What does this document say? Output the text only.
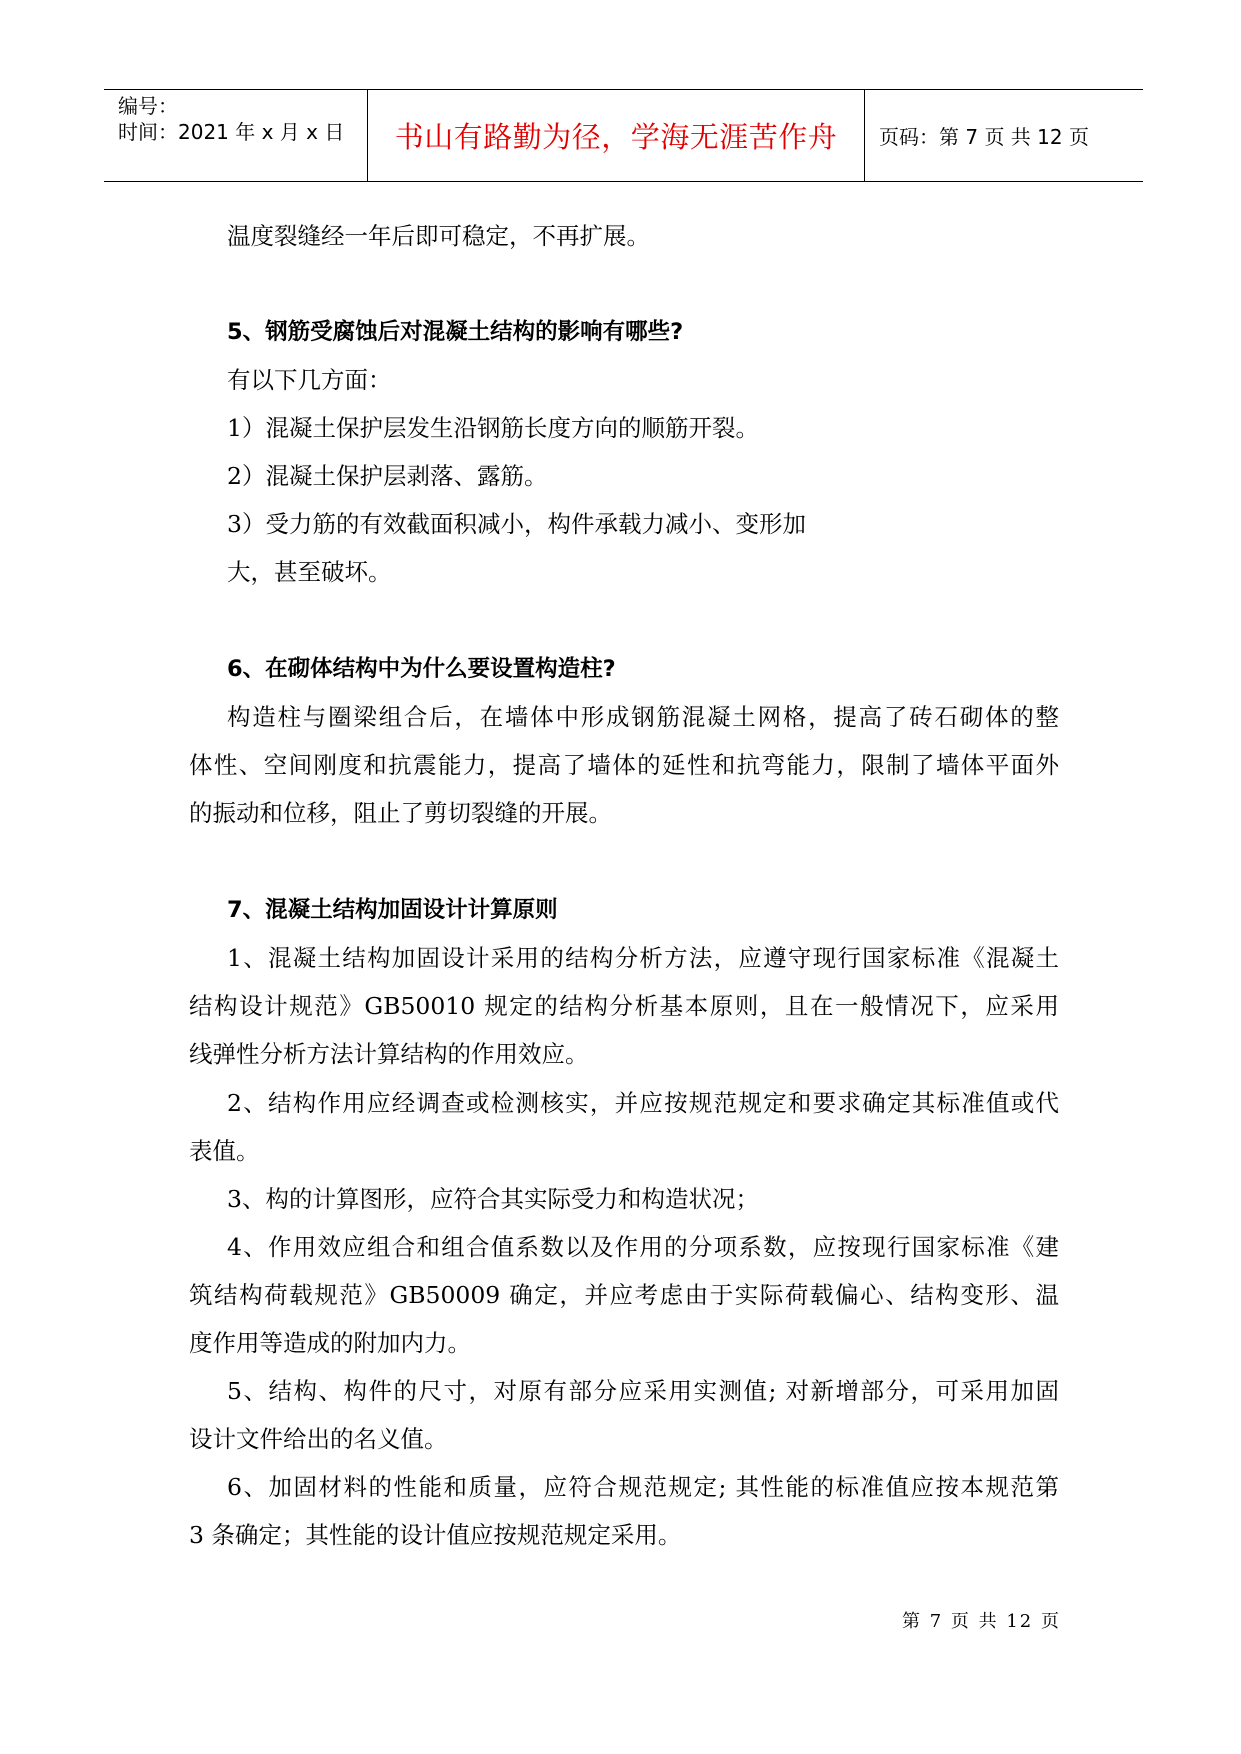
编号：
时间：2021 年 x 月 x 日 书山有路勤为径，学海无涯苦作舟 页码：第 7 页 共 12 页
温度裂缝经一年后即可稳定，不再扩展。
5、钢筋受腐蚀后对混凝土结构的影响有哪些?
有以下几方面：
1）混凝土保护层发生沿钢筋长度方向的顺筋开裂。
2）混凝土保护层剥落、露筋。
3）受力筋的有效截面积减小，构件承载力减小、变形加
大，甚至破坏。
6、在砌体结构中为什么要设置构造柱?
构造柱与圈梁组合后，在墙体中形成钢筋混凝土网格，提高了砖石砌体的整
体性、空间刚度和抗震能力，提高了墙体的延性和抗弯能力，限制了墙体平面外
的振动和位移，阻止了剪切裂缝的开展。
7、混凝土结构加固设计计算原则
1、混凝土结构加固设计采用的结构分析方法，应遵守现行国家标准《混凝土
结构设计规范》GB50010 规定的结构分析基本原则，且在一般情况下，应采用
线弹性分析方法计算结构的作用效应。
2、结构作用应经调查或检测核实，并应按规范规定和要求确定其标准值或代
表值。
3、构的计算图形，应符合其实际受力和构造状况；
4、作用效应组合和组合值系数以及作用的分项系数，应按现行国家标准《建
筑结构荷载规范》GB50009 确定，并应考虑由于实际荷载偏心、结构变形、温
度作用等造成的附加内力。
5、结构、构件的尺寸，对原有部分应采用实测值; 对新增部分，可采用加固
设计文件给出的名义值。
6、加固材料的性能和质量，应符合规范规定; 其性能的标准值应按本规范第
3 条确定；其性能的设计值应按规范规定采用。
第 7 页 共 12 页
